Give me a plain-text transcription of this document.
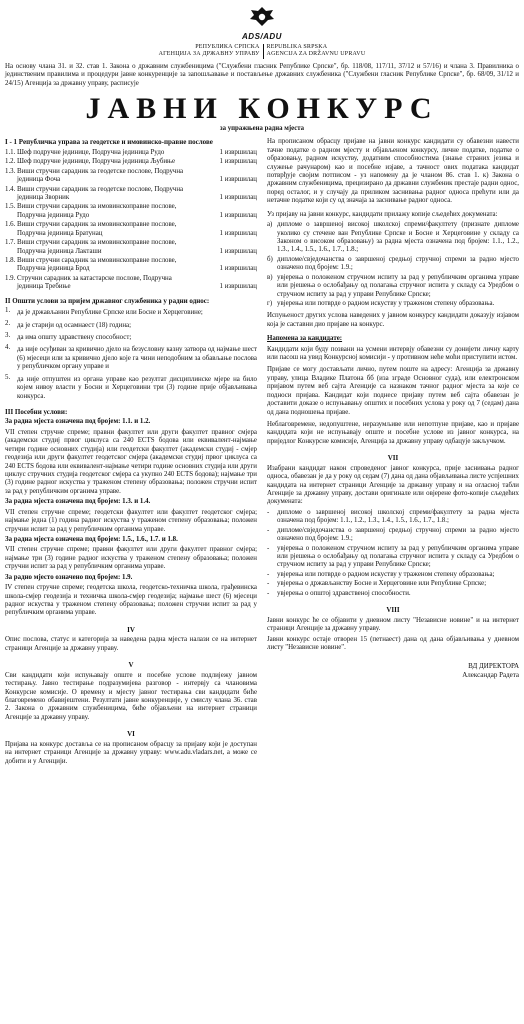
ADS/ADU
РЕПУБЛИКА СРПСКА
АГЕНЦИЈА ЗА ДРЖАВНУ УПРАВУ
REPUBLIKA SRPSKA
AGENCIJA ZA DRŽAVNU UPRAVU
На основу члана 31. и 32. став 1. Закона о државним службеницима ("Службени гласник Републике Српске", бр. 118/08, 117/11, 37/12 и 57/16) и члана 3. Правилника о јединственим правилима и процедури јавне конкуренције за запошљавање и постављење државних службеника ("Службени гласник Републике Српске", бр. 68/09, 31/12 и 24/15) Агенција за државну управу, расписује
ЈАВНИ КОНКУРС
за упражњена радна мјеста
I - 1 Републичка управа за геодетске и имовинско-правне послове
1.1. Шеф подручне јединице, Подручна јединица Рудо	1 извршилац
1.2. Шеф подручне јединице, Подручна јединица Љубиње	1 извршилац
1.3. Виши стручни сарадник за геодетске послове, Подручна јединица Фоча	1 извршилац
1.4. Виши стручни сарадник за геодетске послове, Подручна јединица Зворник	1 извршилац
1.5. Виши стручни сарадник за имовинскоправне послове, Подручна јединица Рудо	1 извршилац
1.6. Виши стручни сарадник за имовинскоправне послове, Подручна јединица Братунац	1 извршилац
1.7. Виши стручни сарадник за имовинскоправне послове, Подручна јединица Лакташи	1 извршилац
1.8. Виши стручни сарадник за имовинскоправне послове, Подручна јединица Брод	1 извршилац
1.9. Стручни сарадник за катастарске послове, Подручна јединица Требиње	1 извршилац
II Општи услови за пријем државног службеника у радни однос:
1. да је држављанин Републике Српске или Босне и Херцеговине;
2. да је старији од осамнаест (18) година;
3. да има општу здравствену способност;
4. да није осуђиван за кривично дјело на безусловну казну затвора од најмање шест (6) мјесеци или за кривично дјело које га чини неподобним за обављање послова у републичком органу управе и
5. да није отпуштен из органа управе као резултат дисциплинске мјере на било којем нивоу власти у Босни и Херцеговини три (3) године прије објављивања конкурса.
III Посебни услови:
За радна мјеста означена под бројем: 1.1. и 1.2.
VII степен стручне спреме; правни факултет или други факултет правног смјера (академски студиј првог циклуса са 240 ECTS бодова или еквивалент-најмање четири године основних студија) или геодетски факултет (академски студиј - смјер геодезија или други факултет геодетског смјера (академски студиј првог циклуса са 240 ECTS бодова или еквивалент-најмање четири године основних студија или други циклус стручних студија геодетског смјера са укупно 240 ECTS бодова); најмање три (3) године радног искуства у траженом степену образовања; положен стручни испит за рад у републичким органима управе.
За радна мјеста означена под бројем: 1.3. и 1.4.
VII степен стручне спреме; геодетски факултет или факултет геодетског смјера; најмање једна (1) година радног искуства у траженом степену образовања; положен стручни испит за рад у републичким органима управе.
За радна мјеста означена под бројем: 1.5., 1.6., 1.7. и 1.8.
VII степен стручне спреме; правни факултет или други факултет правног смјера; најмање три (3) године радног искуства у траженом степену образовања; положен стручни испит за рад у републичким органима управе.
За радно мјесто означено под бројем: 1.9.
IV степен стручне спреме; геодетска школа, геодетско-техничка школа, грађевинска школа-смјер геодезија и техничка школа-смјер геодезија; најмање шест (6) мјесеци радног искуства у траженом степену образовања; положен стручни испит за рад у републичким органима управе.
IV
Опис послова, статус и категорија за наведена радна мјеста налази се на интернет страници Агенције за државну управу.
V
Сви кандидати који испуњавају опште и посебне услове подлијежу јавном тестирању. Јавно тестирање подразумијева разговор - интервју са члановима Конкурсне комисије. О времену и мјесту јавног тестирања сви кандидати биће благовремено обавијештени. Резултати јавне конкуренције, у смислу члана 36. став 2. Закона о државним службеницима, биће објављени на интернет страници Агенције за државну управу.
VI
Пријава на конкурс доставља се на прописаном обрасцу за пријаву који је доступан на интернет страници Агенције за државну управу: www.adu.vladars.net, а може се добити и у Агенцији.
На прописаном обрасцу пријаве на јавни конкурс кандидати су обавезни навести тачне податке о радном мјесту и објављеном конкурсу, личне податке, податке о образовању, радном искуству, додатним способностима (знање страних језика и служење рачунаром) као и посебне изјаве, а тачност ових података кандидат потврђује својим потписом - уз напомену да је чланом 86. став 1. к) Закона о државним службеницима, прецизирано да државни службеник престаје радни однос, поред осталог, и у случају да приликом заснивања радног односа прећути или да нетачне податке који су од значаја за заснивање радног односа.
Уз пријаву на јавни конкурс, кандидати прилажу копије сљедећих докумената:
а) дипломе о завршеној високој школској спреми/факултету (признате дипломе уколико су стечене ван Републике Српске и Босне и Херцеговине у складу са Законом о високом образовању) за радна мјеста означена под бројем: 1.1., 1.2., 1.3., 1.4., 1.5., 1.6., 1.7., 1.8.;
б) дипломе/свједочанства о завршеној средњој стручној спреми за радно мјесто означено под бројем: 1.9.;
в) увјерења о положеном стручном испиту за рад у републичким органима управе или рјешења о ослобађању од полагања стручног испита у складу са Уредбом о стручном испиту за рад у управи Републике Српске;
г) увјерења или потврде о радном искуству у траженом степену образовања.
Испуњеност других услова наведених у јавном конкурсу кандидати доказују изјавом која је саставни дио пријаве на конкурс.
Напомена за кандидате:
Кандидати који буду позвани на усмени интервју обавезни су донијети личну карту или пасош на увид Конкурсној комисији - у противном неће моћи приступити истом.
Пријаве се могу достављати лично, путем поште на адресу: Агенција за државну управу, улица Владике Платона бб (иза зграде Основног суда), или електронском пријавом путем веб сајта Агенције са назнаком тачног радног мјеста за које се подноси пријава. Кандидат који поднесе пријаву путем веб сајта обавезан је доставити доказе о испуњавању општих и посебних услова у року од 7 (седам) дана од дана подношења пријаве.
Неблаговремене, недопуштене, неразумљиве или непотпуне пријаве, као и пријаве кандидата који не испуњавају опште и посебне услове из јавног конкурса, на приједлог Конкурсне комисије, Агенција за државну управу одбацује закључком.
VII
Изабрани кандидат након спроведеног јавног конкурса, прије заснивања радног односа, обавезан је да у року од седам (7) дана од дана објављивања листе успјешних кандидата на интернет страници Агенције за државну управу и на огласној табли Агенције за државну управу, достави оригинале или овјерене фото-копије сљедећих докумената:
-	дипломе о завршеној високој школској спреми/факултету за радна мјеста означена под бројем: 1.1., 1.2., 1.3., 1.4., 1.5., 1.6., 1.7., 1.8.;
-	дипломе/свједочанства о завршеној средњој стручној спреми за радно мјесто означено под бројем: 1.9.;
-	увјерења о положеном стручном испиту за рад у републичким органима управе или рјешења о ослобађању од полагања стручног испита у складу са Уредбом о стручном испиту за рад у управи Републике Српске;
-	увјерења или потврде о радном искуству у траженом степену образовања;
-	увјерења о држављанству Босне и Херцеговине или Републике Српске;
-	увјерења о општој здравственој способности.
VIII
Јавни конкурс ће се објавити у дневном листу "Независне новине" и на интернет страници Агенције за државну управу.
Јавни конкурс остаје отворен 15 (петнаест) дана од дана објављивања у дневном листу "Независне новине".
ВД ДИРЕКТОРА
Александар Радета
